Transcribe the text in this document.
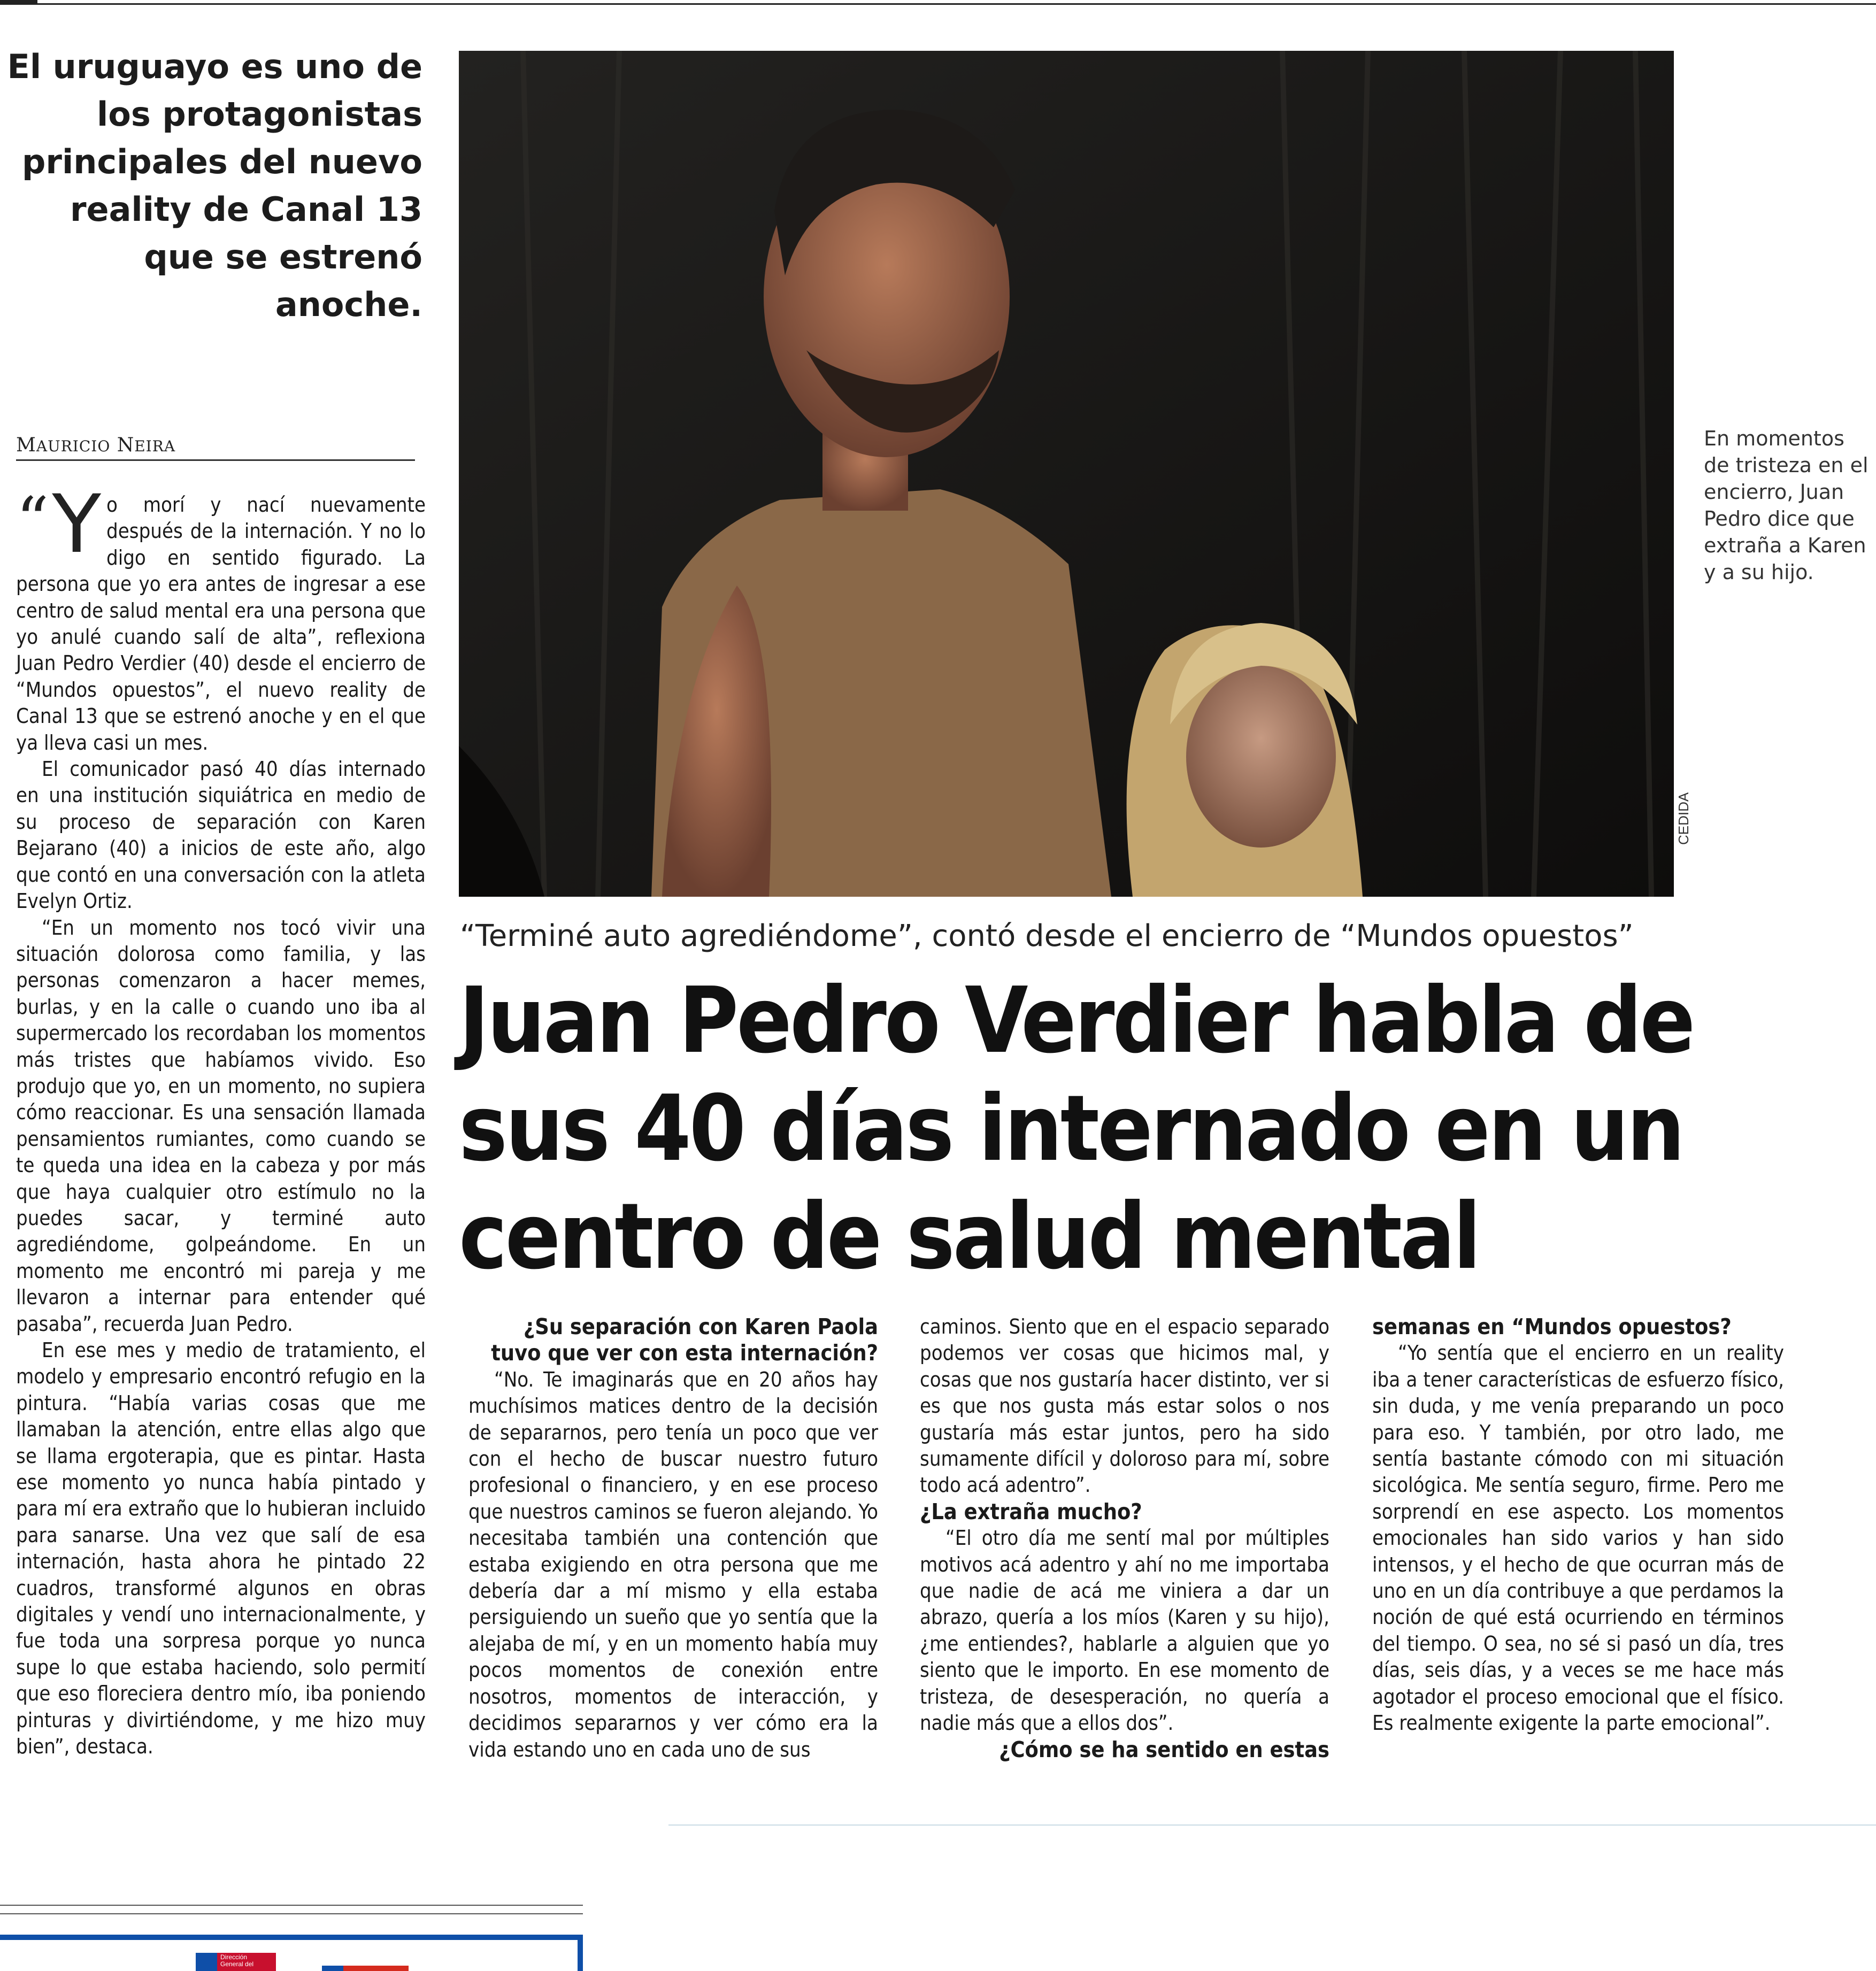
El uruguayo es uno de los protagonistas principales del nuevo reality de Canal 13 que se estrenó anoche.
MAURICIO NEIRA

“ Y o morí y nací nuevamente después de la internación. Y no lo digo en sentido figurado. La persona que yo era antes de ingresar a ese centro de salud mental era una persona que yo anulé cuando salí de alta”, reflexiona Juan Pedro Verdier (40) desde el encierro de “Mundos opuestos”, el nuevo reality de Canal 13 que se estrenó anoche y en el que ya lleva casi un mes.

El comunicador pasó 40 días internado en una institución siquiátrica en medio de su proceso de separación con Karen Bejarano (40) a inicios de este año, algo que contó en una conversación con la atleta Evelyn Ortiz.

“En un momento nos tocó vivir una situación dolorosa como familia, y las personas comenzaron a hacer memes, burlas, y en la calle o cuando uno iba al supermercado los recordaban los momentos más tristes que habíamos vivido. Eso produjo que yo, en un momento, no supiera cómo reaccionar. Es una sensación llamada pensamientos rumiantes, como cuando se te queda una idea en la cabeza y por más que haya cualquier otro estímulo no la puedes sacar, y terminé auto agrediéndome, golpeándome. En un momento me encontró mi pareja y me llevaron a internar para entender qué pasaba”, recuerda Juan Pedro.

En ese mes y medio de tratamiento, el modelo y empresario encontró refugio en la pintura. “Había varias cosas que me llamaban la atención, entre ellas algo que se llama ergoterapia, que es pintar. Hasta ese momento yo nunca había pintado y para mí era extraño que lo hubieran incluido para sanarse. Una vez que salí de esa internación, hasta ahora he pintado 22 cuadros, transformé algunos en obras digitales y vendí uno internacionalmente, y fue toda una sorpresa porque yo nunca supe lo que estaba haciendo, solo permití que eso floreciera dentro mío, iba poniendo pinturas y divirtiéndome, y me hizo muy bien”, destaca.

CEDIDA
En momentos de tristeza en el encierro, Juan Pedro dice que extraña a Karen y a su hijo.
“Terminé auto agrediéndome”, contó desde el encierro de “Mundos opuestos”
Juan Pedro Verdier habla de sus 40 días internado en un centro de salud mental

¿Su separación con Karen Paola tuvo que ver con esta internación?

“No. Te imaginarás que en 20 años hay muchísimos matices dentro de la decisión de separarnos, pero tenía un poco que ver con el hecho de buscar nuestro futuro profesional o financiero, y en ese proceso que nuestros caminos se fueron alejando. Yo necesitaba también una contención que estaba exigiendo en otra persona que me debería dar a mí mismo y ella estaba persiguiendo un sueño que yo sentía que la alejaba de mí, y en un momento había muy pocos momentos de conexión entre nosotros, momentos de interacción, y decidimos separarnos y ver cómo era la vida estando uno en cada uno de sus

caminos. Siento que en el espacio separado podemos ver cosas que hicimos mal, y cosas que nos gustaría hacer distinto, ver si es que nos gusta más estar solos o nos gustaría más estar juntos, pero ha sido sumamente difícil y doloroso para mí, sobre todo acá adentro”.

¿La extraña mucho?

“El otro día me sentí mal por múltiples motivos acá adentro y ahí no me importaba que nadie de acá me viniera a dar un abrazo, quería a los míos (Karen y su hijo), ¿me entiendes?, hablarle a alguien que yo siento que le importo. En ese momento de tristeza, de desesperación, no quería a nadie más que a ellos dos”.

¿Cómo se ha sentido en estas

semanas en “Mundos opuestos?

“Yo sentía que el encierro en un reality iba a tener características de esfuerzo físico, sin duda, y me venía preparando un poco para eso. Y también, por otro lado, me sentía bastante cómodo con mi situación sicológica. Me sentía seguro, firme. Pero me sorprendí en ese aspecto. Los momentos emocionales han sido varios y han sido intensos, y el hecho de que ocurran más de uno en un día contribuye a que perdamos la noción de qué está ocurriendo en términos del tiempo. O sea, no sé si pasó un día, tres días, seis días, y a veces se me hace más agotador el proceso emocional que el físico. Es realmente exigente la parte emocional”.

Dirección
General del
